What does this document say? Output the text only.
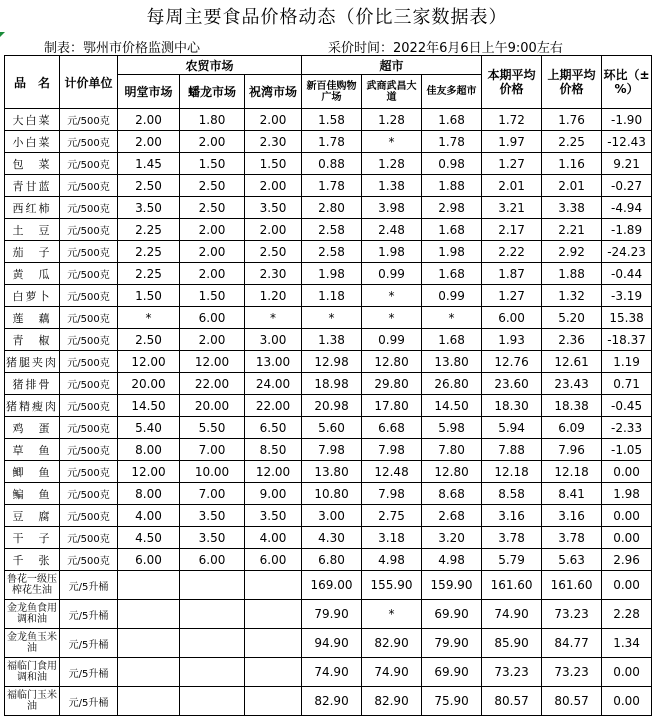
每周主要食品价格动态（价比三家数据表）
制表：鄂州市价格监测中心	采价时间：2022年6月6日上午9:00左右
品　名	计价单位	农贸市场			超市			本期平均价格	上期平均价格	环比（±%）
		明堂市场	蟠龙市场	祝湾市场	新百佳购物广场	武商武昌大道	佳友多超市			
大白菜	元/500克	2.00	1.80	2.00	1.58	1.28	1.68	1.72	1.76	-1.90
小白菜	元/500克	2.00	2.00	2.30	1.78	*	1.78	1.97	2.25	-12.43
包　菜	元/500克	1.45	1.50	1.50	0.88	1.28	0.98	1.27	1.16	9.21
青甘蓝	元/500克	2.50	2.50	2.00	1.78	1.38	1.88	2.01	2.01	-0.27
西红柿	元/500克	3.50	2.50	3.50	2.80	3.98	2.98	3.21	3.38	-4.94
土　豆	元/500克	2.25	2.00	2.00	2.58	2.48	1.68	2.17	2.21	-1.89
茄　子	元/500克	2.25	2.00	2.50	2.58	1.98	1.98	2.22	2.92	-24.23
黄　瓜	元/500克	2.25	2.00	2.30	1.98	0.99	1.68	1.87	1.88	-0.44
白萝卜	元/500克	1.50	1.50	1.20	1.18	*	0.99	1.27	1.32	-3.19
莲　藕	元/500克	*	6.00	*	*	*	*	6.00	5.20	15.38
青　椒	元/500克	2.50	2.00	3.00	1.38	0.99	1.68	1.93	2.36	-18.37
猪腿夹肉	元/500克	12.00	12.00	13.00	12.98	12.80	13.80	12.76	12.61	1.19
猪排骨	元/500克	20.00	22.00	24.00	18.98	29.80	26.80	23.60	23.43	0.71
猪精瘦肉	元/500克	14.50	20.00	22.00	20.98	17.80	14.50	18.30	18.38	-0.45
鸡　蛋	元/500克	5.40	5.50	6.50	5.60	6.68	5.98	5.94	6.09	-2.33
草　鱼	元/500克	8.00	7.00	8.50	7.98	7.98	7.80	7.88	7.96	-1.05
鲫　鱼	元/500克	12.00	10.00	12.00	13.80	12.48	12.80	12.18	12.18	0.00
鳊　鱼	元/500克	8.00	7.00	9.00	10.80	7.98	8.68	8.58	8.41	1.98
豆　腐	元/500克	4.00	3.50	3.50	3.00	2.75	2.68	3.16	3.16	0.00
干　子	元/500克	4.50	3.50	4.00	4.30	3.18	3.20	3.78	3.78	0.00
千　张	元/500克	6.00	6.00	6.00	6.80	4.98	4.98	5.79	5.63	2.96
鲁花一级压榨花生油	元/5升桶				169.00	155.90	159.90	161.60	161.60	0.00
金龙鱼食用调和油	元/5升桶				79.90	*	69.90	74.90	73.23	2.28
金龙鱼玉米油	元/5升桶				94.90	82.90	79.90	85.90	84.77	1.34
福临门食用调和油	元/5升桶				74.90	74.90	69.90	73.23	73.23	0.00
福临门玉米油	元/5升桶				82.90	82.90	75.90	80.57	80.57	0.00
